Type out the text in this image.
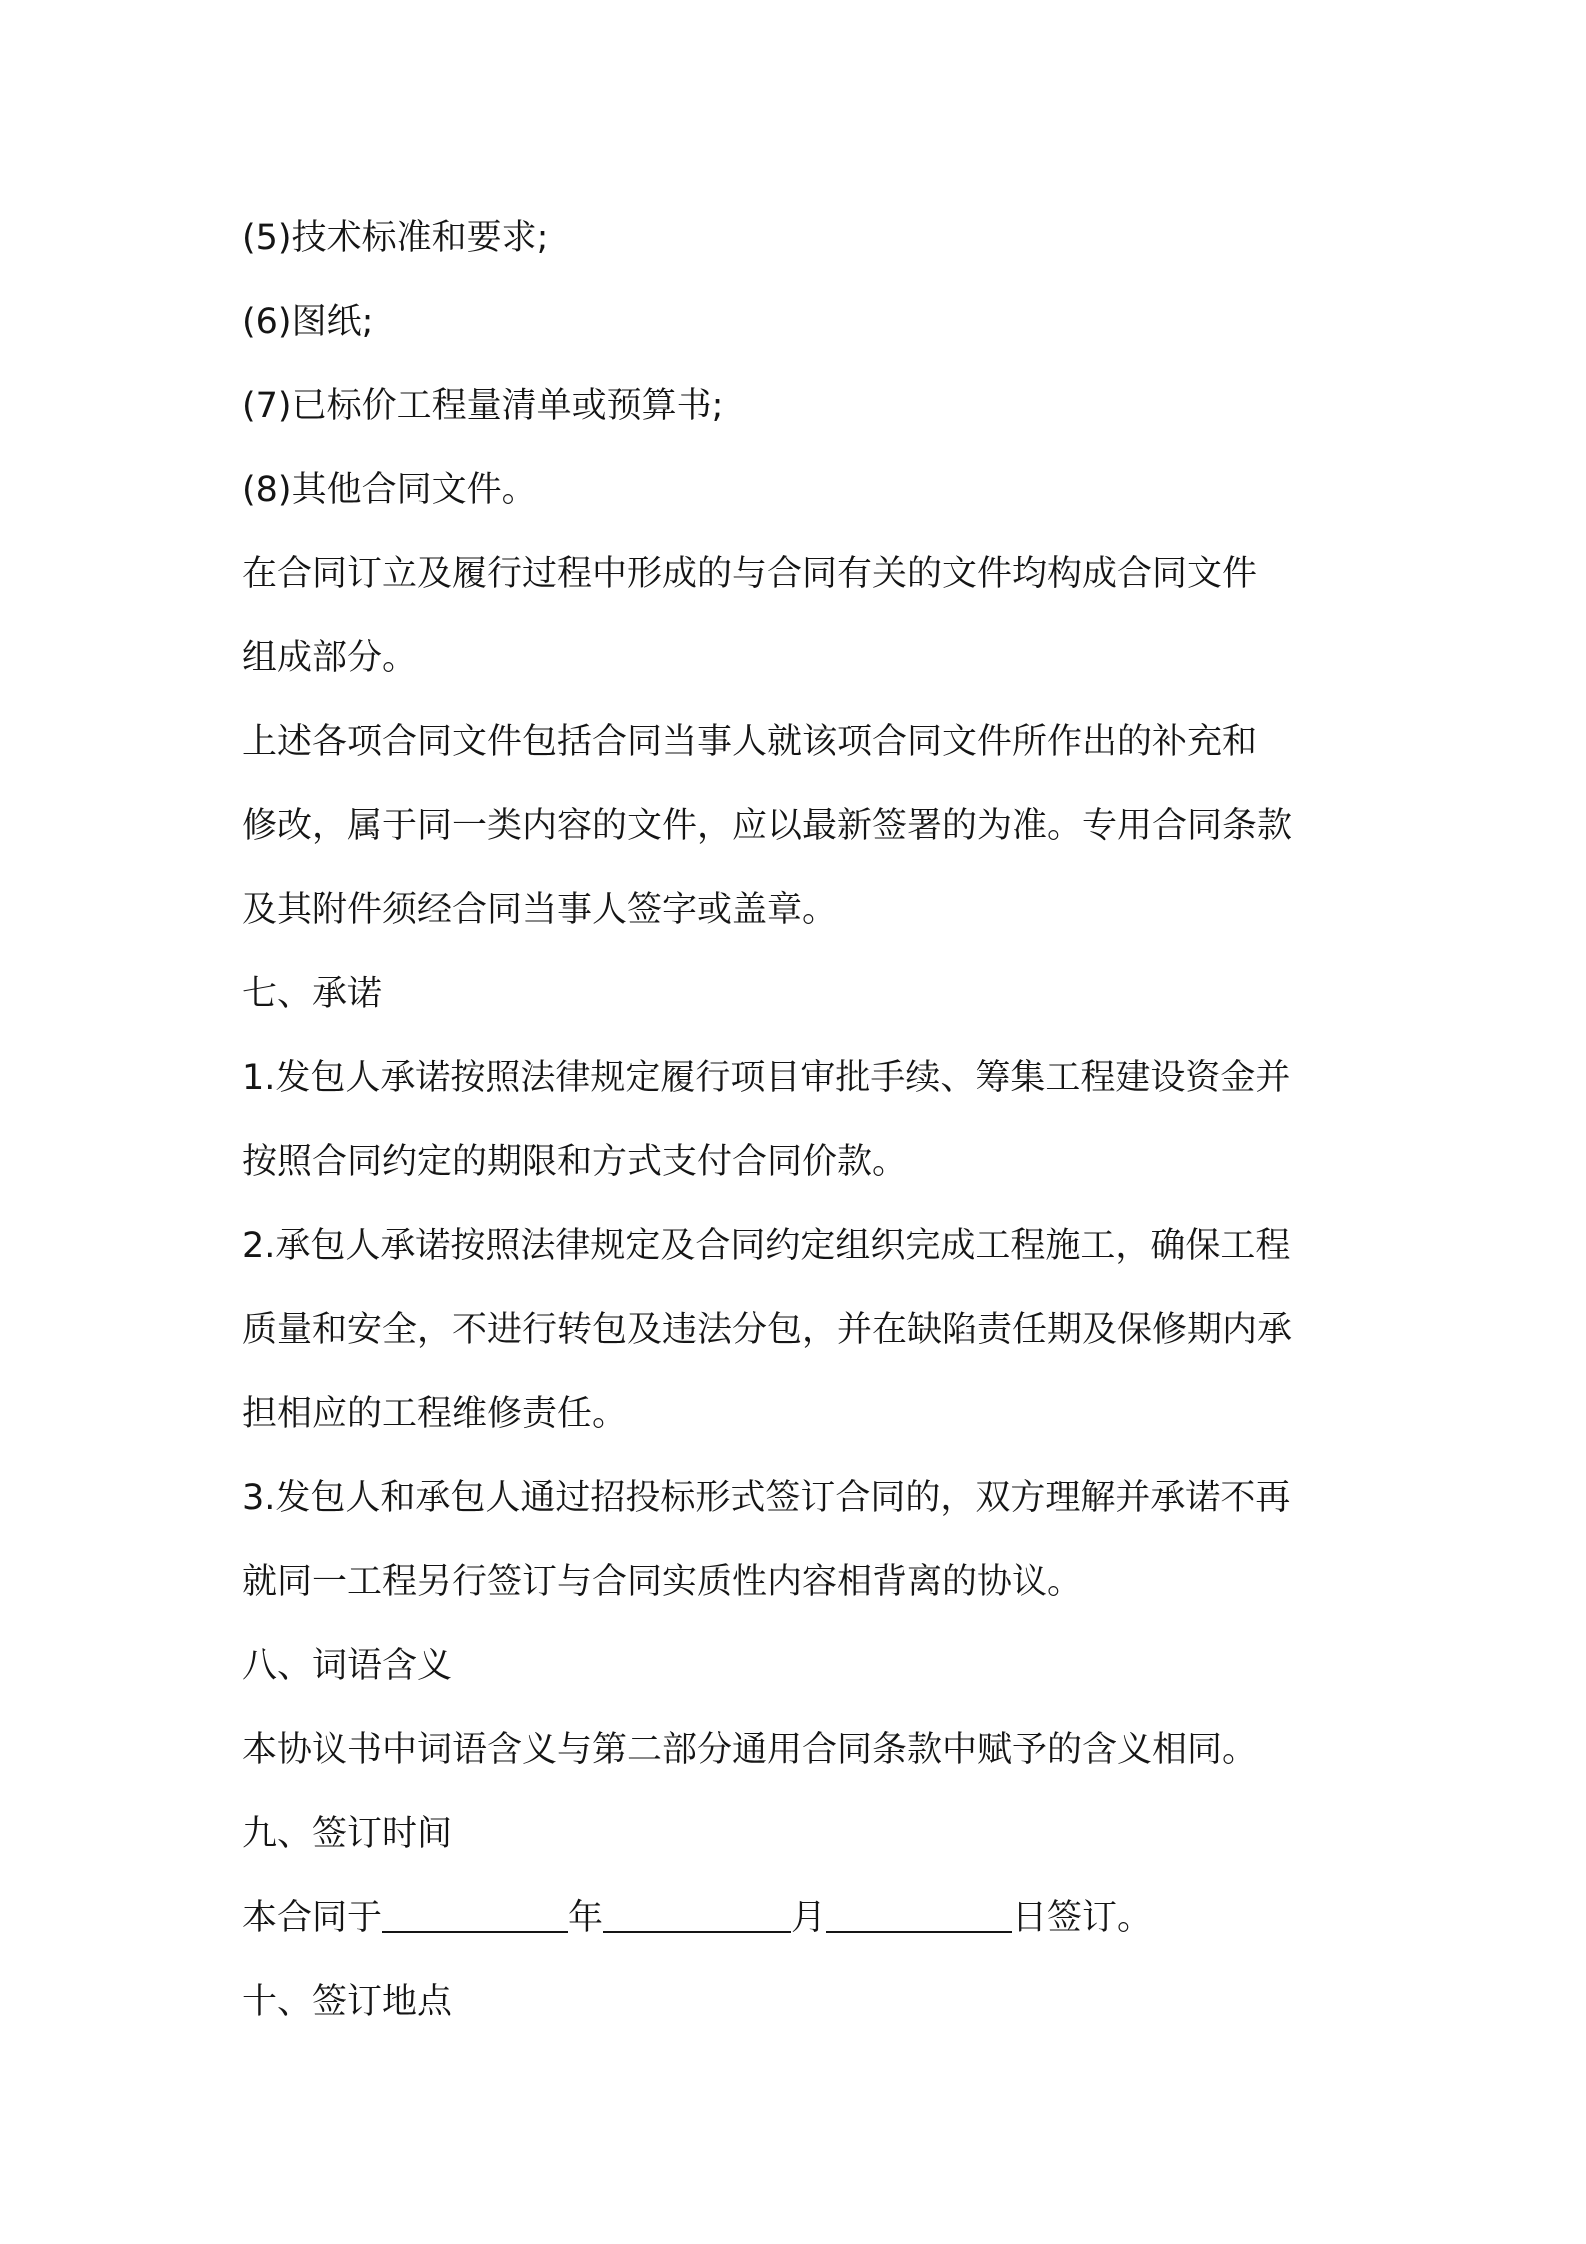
(5)技术标准和要求;
(6)图纸;
(7)已标价工程量清单或预算书;
(8)其他合同文件。
在合同订立及履行过程中形成的与合同有关的文件均构成合同文件
组成部分。
上述各项合同文件包括合同当事人就该项合同文件所作出的补充和
修改，属于同一类内容的文件，应以最新签署的为准。专用合同条款
及其附件须经合同当事人签字或盖章。
七、承诺
1.发包人承诺按照法律规定履行项目审批手续、筹集工程建设资金并
按照合同约定的期限和方式支付合同价款。
2.承包人承诺按照法律规定及合同约定组织完成工程施工，确保工程
质量和安全，不进行转包及违法分包，并在缺陷责任期及保修期内承
担相应的工程维修责任。
3.发包人和承包人通过招投标形式签订合同的，双方理解并承诺不再
就同一工程另行签订与合同实质性内容相背离的协议。
八、词语含义
本协议书中词语含义与第二部分通用合同条款中赋予的含义相同。
九、签订时间
本合同于	年	月	日签订。
十、签订地点
